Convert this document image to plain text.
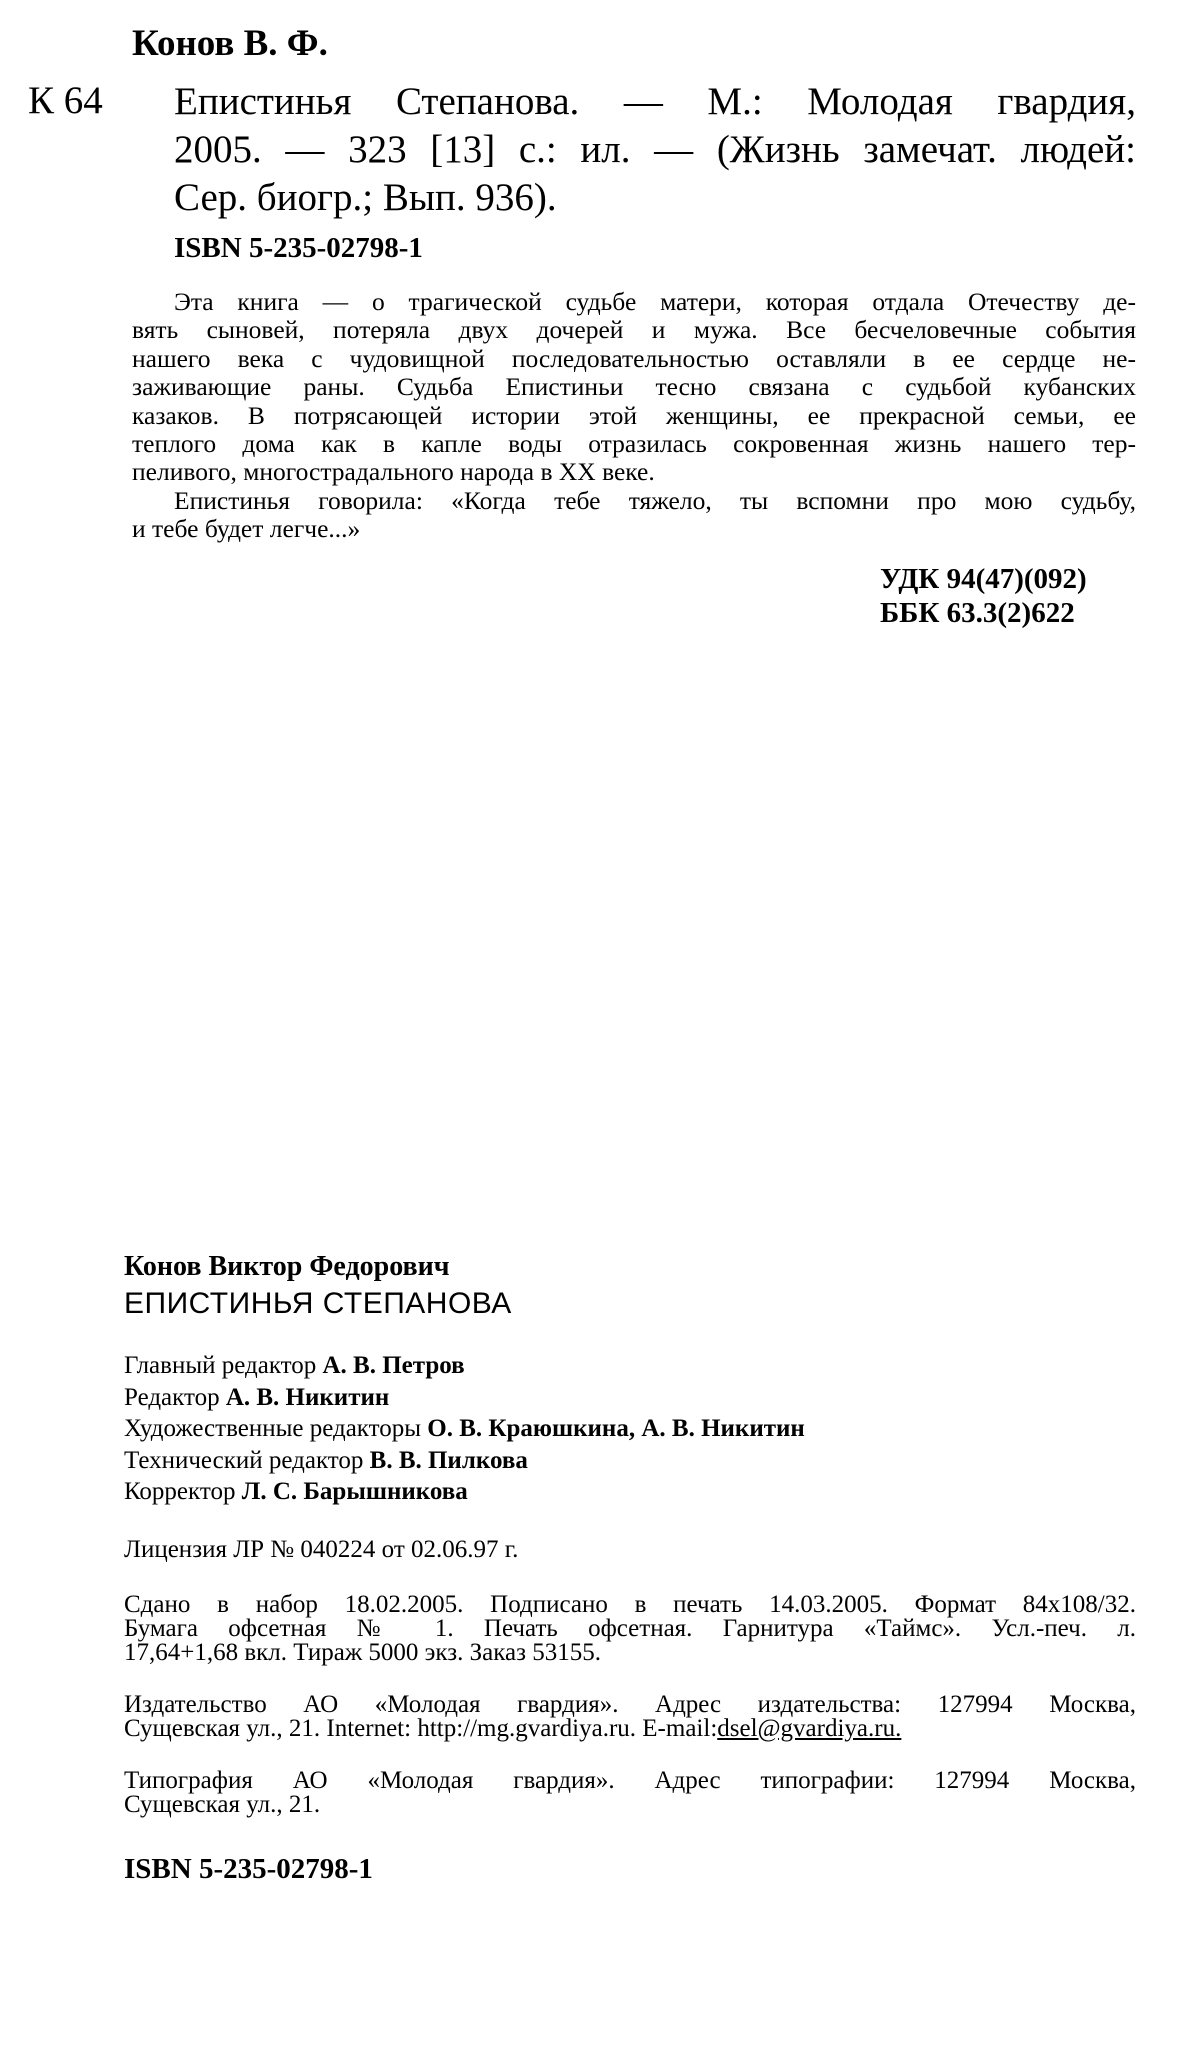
Конов В. Ф.
К 64 Епистинья Степанова. — М.: Молодая гвардия,
2005. — 323 [13] с.: ил. — (Жизнь замечат. людей:
Сер. биогр.; Вып. 936).
ISBN 5-235-02798-1

Эта книга — о трагической судьбе матери, которая отдала Отечеству де-

вять сыновей, потеряла двух дочерей и мужа. Все бесчеловечные события
нашего века с чудовищной последовательностью оставляли в ее сердце не-
заживающие раны. Судьба Епистиньи тесно связана с судьбой кубанских
казаков. В потрясающей истории этой женщины, ее прекрасной семьи, ее
теплого дома как в капле воды отразилась сокровенная жизнь нашего тер-
пеливого, многострадального народа в XX веке.

Епистинья говорила: «Когда тебе тяжело, ты вспомни про мою судьбу,

и тебе будет легче...»
УДК 94(47)(092)
ББК 63.3(2)622
Конов Виктор Федорович
ЕПИСТИНЬЯ СТЕПАНОВА
Главный редактор А. В. Петров
Редактор А. В. Никитин
Художественные редакторы О. В. Краюшкина, А. В. Никитин
Технический редактор В. В. Пилкова
Корректор Л. С. Барышникова
Лицензия ЛР № 040224 от 02.06.97 г.
Сдано в набор 18.02.2005. Подписано в печать 14.03.2005. Формат 84х108/32.
Бумага офсетная № 1. Печать офсетная. Гарнитура «Таймс». Усл.-печ. л.
17,64+1,68 вкл. Тираж 5000 экз. Заказ 53155.
Издательство АО «Молодая гвардия». Адрес издательства: 127994 Москва,
Сущевская ул., 21. Internet: http://mg.gvardiya.ru. E-mail:dsel@gvardiya.ru.
Типография АО «Молодая гвардия». Адрес типографии: 127994 Москва,
Сущевская ул., 21.
ISBN 5-235-02798-1
